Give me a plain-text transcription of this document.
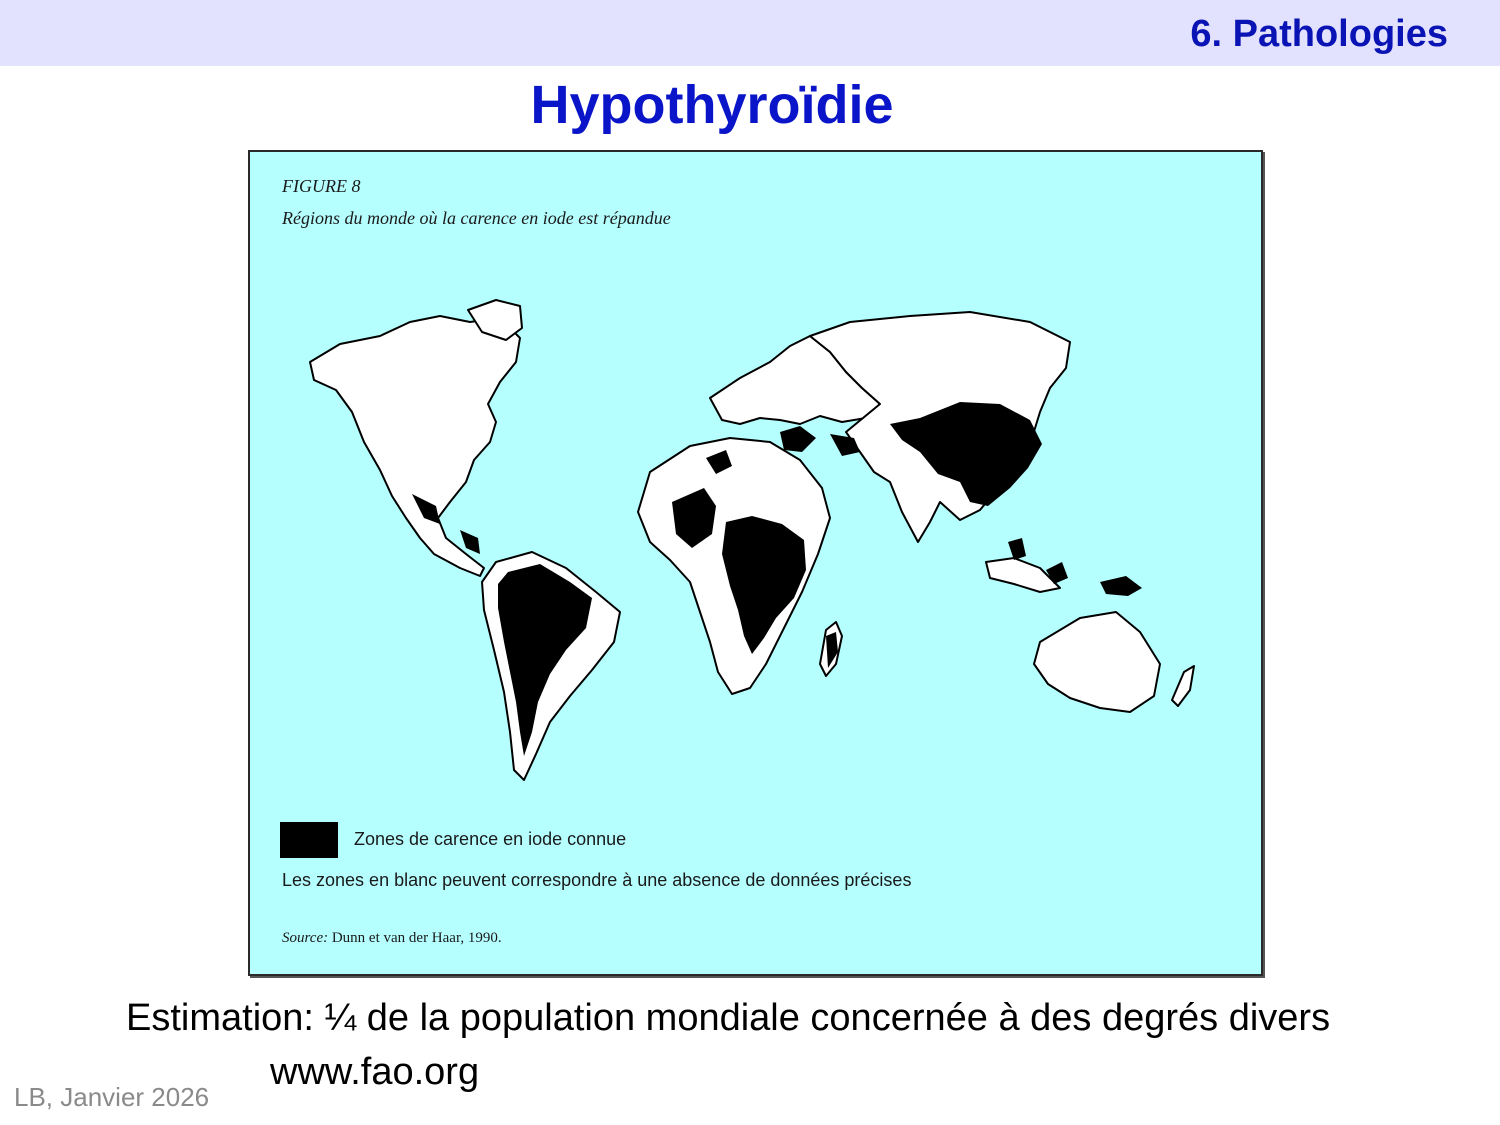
6. Pathologies
Hypothyroïdie
FIGURE 8
Régions du monde où la carence en iode est répandue
Zones de carence en iode connue
Les zones en blanc peuvent correspondre à une absence de données précises
Source: Dunn et van der Haar, 1990.
Estimation: ¼ de la population mondiale concernée à des degrés divers
www.fao.org
LB, Janvier 2026
